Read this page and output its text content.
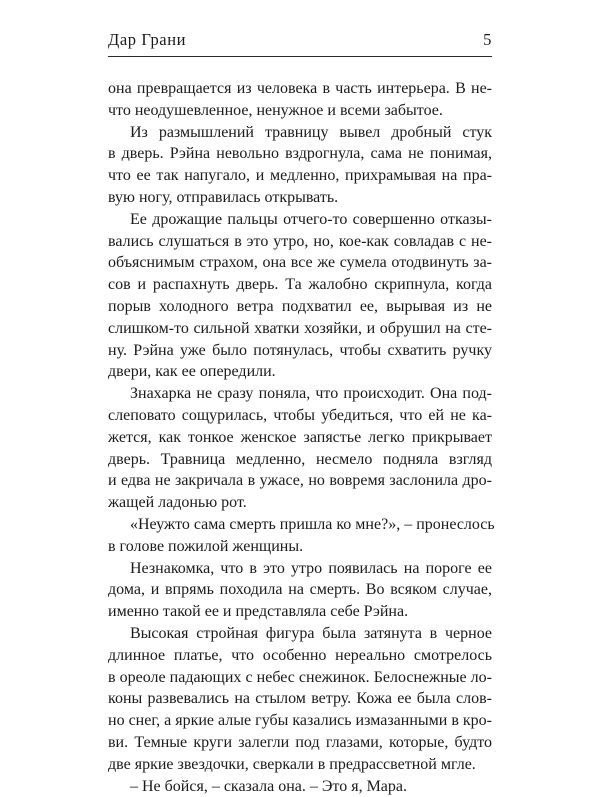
Дар Грани	5

она превращается из человека в часть интерьера. В не-
что неодушевленное, ненужное и всеми забытое.

Из размышлений травницу вывел дробный стук
в дверь. Рэйна невольно вздрогнула, сама не понимая,
что ее так напугало, и медленно, прихрамывая на пра-
вую ногу, отправилась открывать.

Ее дрожащие пальцы отчего-то совершенно отказы-
вались слушаться в это утро, но, кое-как совладав с не-
объяснимым страхом, она все же сумела отодвинуть за-
сов и распахнуть дверь. Та жалобно скрипнула, когда
порыв холодного ветра подхватил ее, вырывая из не
слишком-то сильной хватки хозяйки, и обрушил на сте-
ну. Рэйна уже было потянулась, чтобы схватить ручку
двери, как ее опередили.

Знахарка не сразу поняла, что происходит. Она под-
слеповато сощурилась, чтобы убедиться, что ей не ка-
жется, как тонкое женское запястье легко прикрывает
дверь. Травница медленно, несмело подняла взгляд
и едва не закричала в ужасе, но вовремя заслонила дро-
жащей ладонью рот.

«Неужто сама смерть пришла ко мне?», – пронеслось
в голове пожилой женщины.

Незнакомка, что в это утро появилась на пороге ее
дома, и впрямь походила на смерть. Во всяком случае,
именно такой ее и представляла себе Рэйна.

Высокая стройная фигура была затянута в черное
длинное платье, что особенно нереально смотрелось
в ореоле падающих с небес снежинок. Белоснежные ло-
коны развевались на стылом ветру. Кожа ее была слов-
но снег, а яркие алые губы казались измазанными в кро-
ви. Темные круги залегли под глазами, которые, будто
две яркие звездочки, сверкали в предрассветной мгле.

– Не бойся, – сказала она. – Это я, Мара.
